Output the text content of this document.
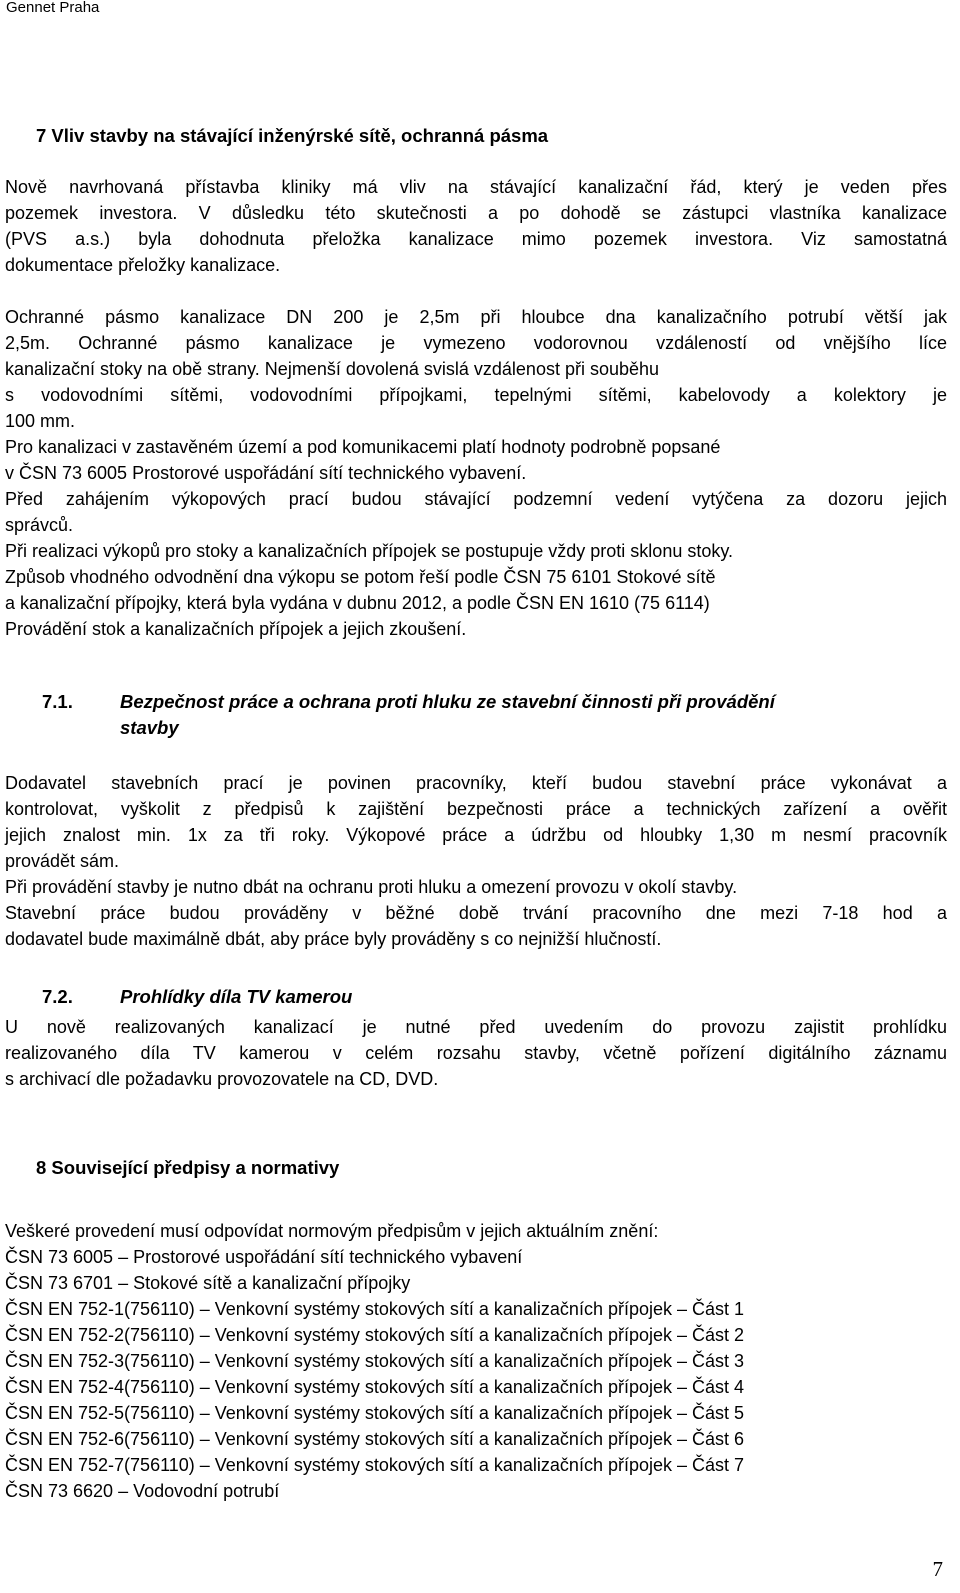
Gennet Praha
7 Vliv stavby na stávající inženýrské sítě, ochranná pásma

Nově navrhovaná přístavba kliniky má vliv na stávající kanalizační řád, který je veden přes

pozemek investora. V důsledku této skutečnosti a po dohodě se zástupci vlastníka kanalizace

(PVS a.s.) byla dohodnuta přeložka kanalizace mimo pozemek investora. Viz samostatná

dokumentace přeložky kanalizace.

Ochranné pásmo kanalizace DN 200 je 2,5m při hloubce dna kanalizačního potrubí větší jak

2,5m. Ochranné pásmo kanalizace je vymezeno vodorovnou vzdáleností od vnějšího líce

kanalizační stoky na obě strany. Nejmenší dovolená svislá vzdálenost při souběhu

s vodovodními sítěmi, vodovodními přípojkami, tepelnými sítěmi, kabelovody a kolektory je

100 mm.

Pro kanalizaci v zastavěném území a pod komunikacemi platí hodnoty podrobně popsané

v ČSN 73 6005 Prostorové uspořádání sítí technického vybavení.

Před zahájením výkopových prací budou stávající podzemní vedení vytýčena za dozoru jejich

správců.

Při realizaci výkopů pro stoky a kanalizačních přípojek se postupuje vždy proti sklonu stoky.

Způsob vhodného odvodnění dna výkopu se potom řeší podle ČSN 75 6101 Stokové sítě

a kanalizační přípojky, která byla vydána v dubnu 2012, a podle ČSN EN 1610 (75 6114)

Provádění stok a kanalizačních přípojek a jejich zkoušení.

7.1.	Bezpečnost práce a ochrana proti hluku ze stavební činnosti při provádění
stavby

Dodavatel stavebních prací je povinen pracovníky, kteří budou stavební práce vykonávat a

kontrolovat, vyškolit z předpisů k zajištění bezpečnosti práce a technických zařízení a ověřit

jejich znalost min. 1x za tři roky. Výkopové práce a údržbu od hloubky 1,30 m nesmí pracovník

provádět sám.

Při provádění stavby je nutno dbát na ochranu proti hluku a omezení provozu v okolí stavby.

Stavební práce budou prováděny v běžné době trvání pracovního dne mezi 7-18 hod a

dodavatel bude maximálně dbát, aby práce byly prováděny s co nejnižší hlučností.

7.2.	Prohlídky díla TV kamerou

U nově realizovaných kanalizací je nutné před uvedením do provozu zajistit prohlídku

realizovaného díla TV kamerou v celém rozsahu stavby, včetně pořízení digitálního záznamu

s archivací dle požadavku provozovatele na CD, DVD.

8 Související předpisy a normativy

Veškeré provedení musí odpovídat normovým předpisům v jejich aktuálním znění:

ČSN 73 6005 – Prostorové uspořádání sítí technického vybavení

ČSN 73 6701 – Stokové sítě a kanalizační přípojky

ČSN EN 752-1(756110) – Venkovní systémy stokových sítí a kanalizačních přípojek – Část 1

ČSN EN 752-2(756110) – Venkovní systémy stokových sítí a kanalizačních přípojek – Část 2

ČSN EN 752-3(756110) – Venkovní systémy stokových sítí a kanalizačních přípojek – Část 3

ČSN EN 752-4(756110) – Venkovní systémy stokových sítí a kanalizačních přípojek – Část 4

ČSN EN 752-5(756110) – Venkovní systémy stokových sítí a kanalizačních přípojek – Část 5

ČSN EN 752-6(756110) – Venkovní systémy stokových sítí a kanalizačních přípojek – Část 6

ČSN EN 752-7(756110) – Venkovní systémy stokových sítí a kanalizačních přípojek – Část 7

ČSN 73 6620 – Vodovodní potrubí

7
